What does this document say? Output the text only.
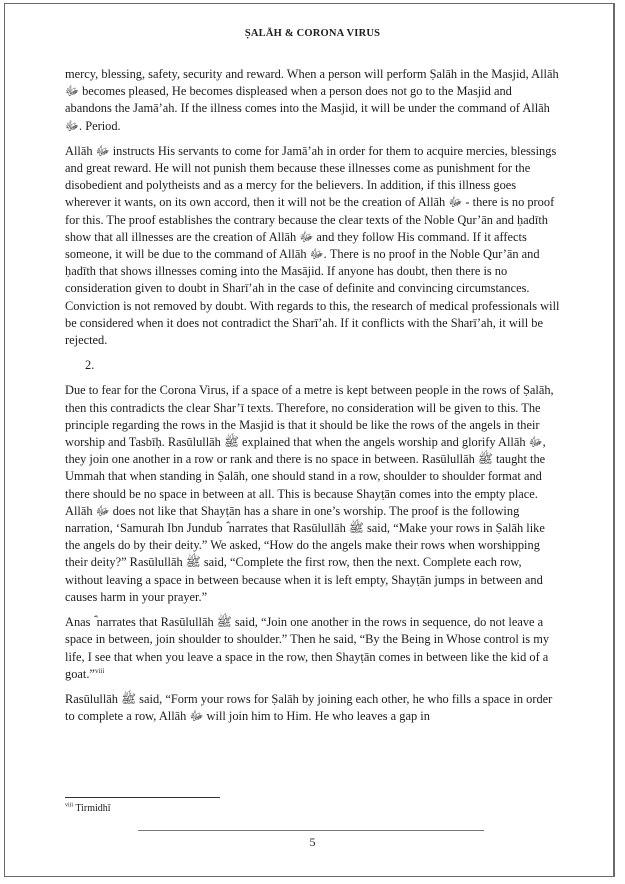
ṢALĀH & CORONA VIRUS

mercy, blessing, safety, security and reward. When a person will perform Ṣalāh in the Masjid, Allāh ﷻ becomes pleased, He becomes displeased when a person does not go to the Masjid and abandons the Jamā’ah. If the illness comes into the Masjid, it will be under the command of Allāh ﷻ. Period.

Allāh ﷻ instructs His servants to come for Jamā’ah in order for them to acquire mercies, blessings and great reward. He will not punish them because these illnesses come as punishment for the disobedient and polytheists and as a mercy for the believers. In addition, if this illness goes wherever it wants, on its own accord, then it will not be the creation of Allāh ﷻ - there is no proof for this. The proof establishes the contrary because the clear texts of the Noble Qur’ān and ḥadīth show that all illnesses are the creation of Allāh ﷻ and they follow His command. If it affects someone, it will be due to the command of Allāh ﷻ. There is no proof in the Noble Qur’ān and ḥadīth that shows illnesses coming into the Masājid. If anyone has doubt, then there is no consideration given to doubt in Sharī’ah in the case of definite and convincing circumstances. Conviction is not removed by doubt. With regards to this, the research of medical professionals will be considered when it does not contradict the Sharī’ah. If it conflicts with the Sharī’ah, it will be rejected.

2.

Due to fear for the Corona Virus, if a space of a metre is kept between people in the rows of Ṣalāh, then this contradicts the clear Shar’ī texts. Therefore, no consideration will be given to this. The principle regarding the rows in the Masjid is that it should be like the rows of the angels in their worship and Tasbīḥ. Rasūlullāh ﷺ explained that when the angels worship and glorify Allāh ﷻ, they join one another in a row or rank and there is no space in between. Rasūlullāh ﷺ taught the Ummah that when standing in Ṣalāh, one should stand in a row, shoulder to shoulder format and there should be no space in between at all. This is because Shayṭān comes into the empty place. Allāh ﷻ does not like that Shayṭān has a share in one’s worship. The proof is the following narration, ‘Samurah Ibn Jundub ؓ narrates that Rasūlullāh ﷺ said, “Make your rows in Ṣalāh like the angels do by their deity.” We asked, “How do the angels make their rows when worshipping their deity?” Rasūlullāh ﷺ said, “Complete the first row, then the next. Complete each row, without leaving a space in between because when it is left empty, Shayṭān jumps in between and causes harm in your prayer.”

Anas ؓ narrates that Rasūlullāh ﷺ said, “Join one another in the rows in sequence, do not leave a space in between, join shoulder to shoulder.” Then he said, “By the Being in Whose control is my life, I see that when you leave a space in the row, then Shayṭān comes in between like the kid of a goat.”$^{viii}$

Rasūlullāh ﷺ said, “Form your rows for Ṣalāh by joining each other, he who fills a space in order to complete a row, Allāh ﷻ will join him to Him. He who leaves a gap in

$^{viii}$ Tirmidhī
5
